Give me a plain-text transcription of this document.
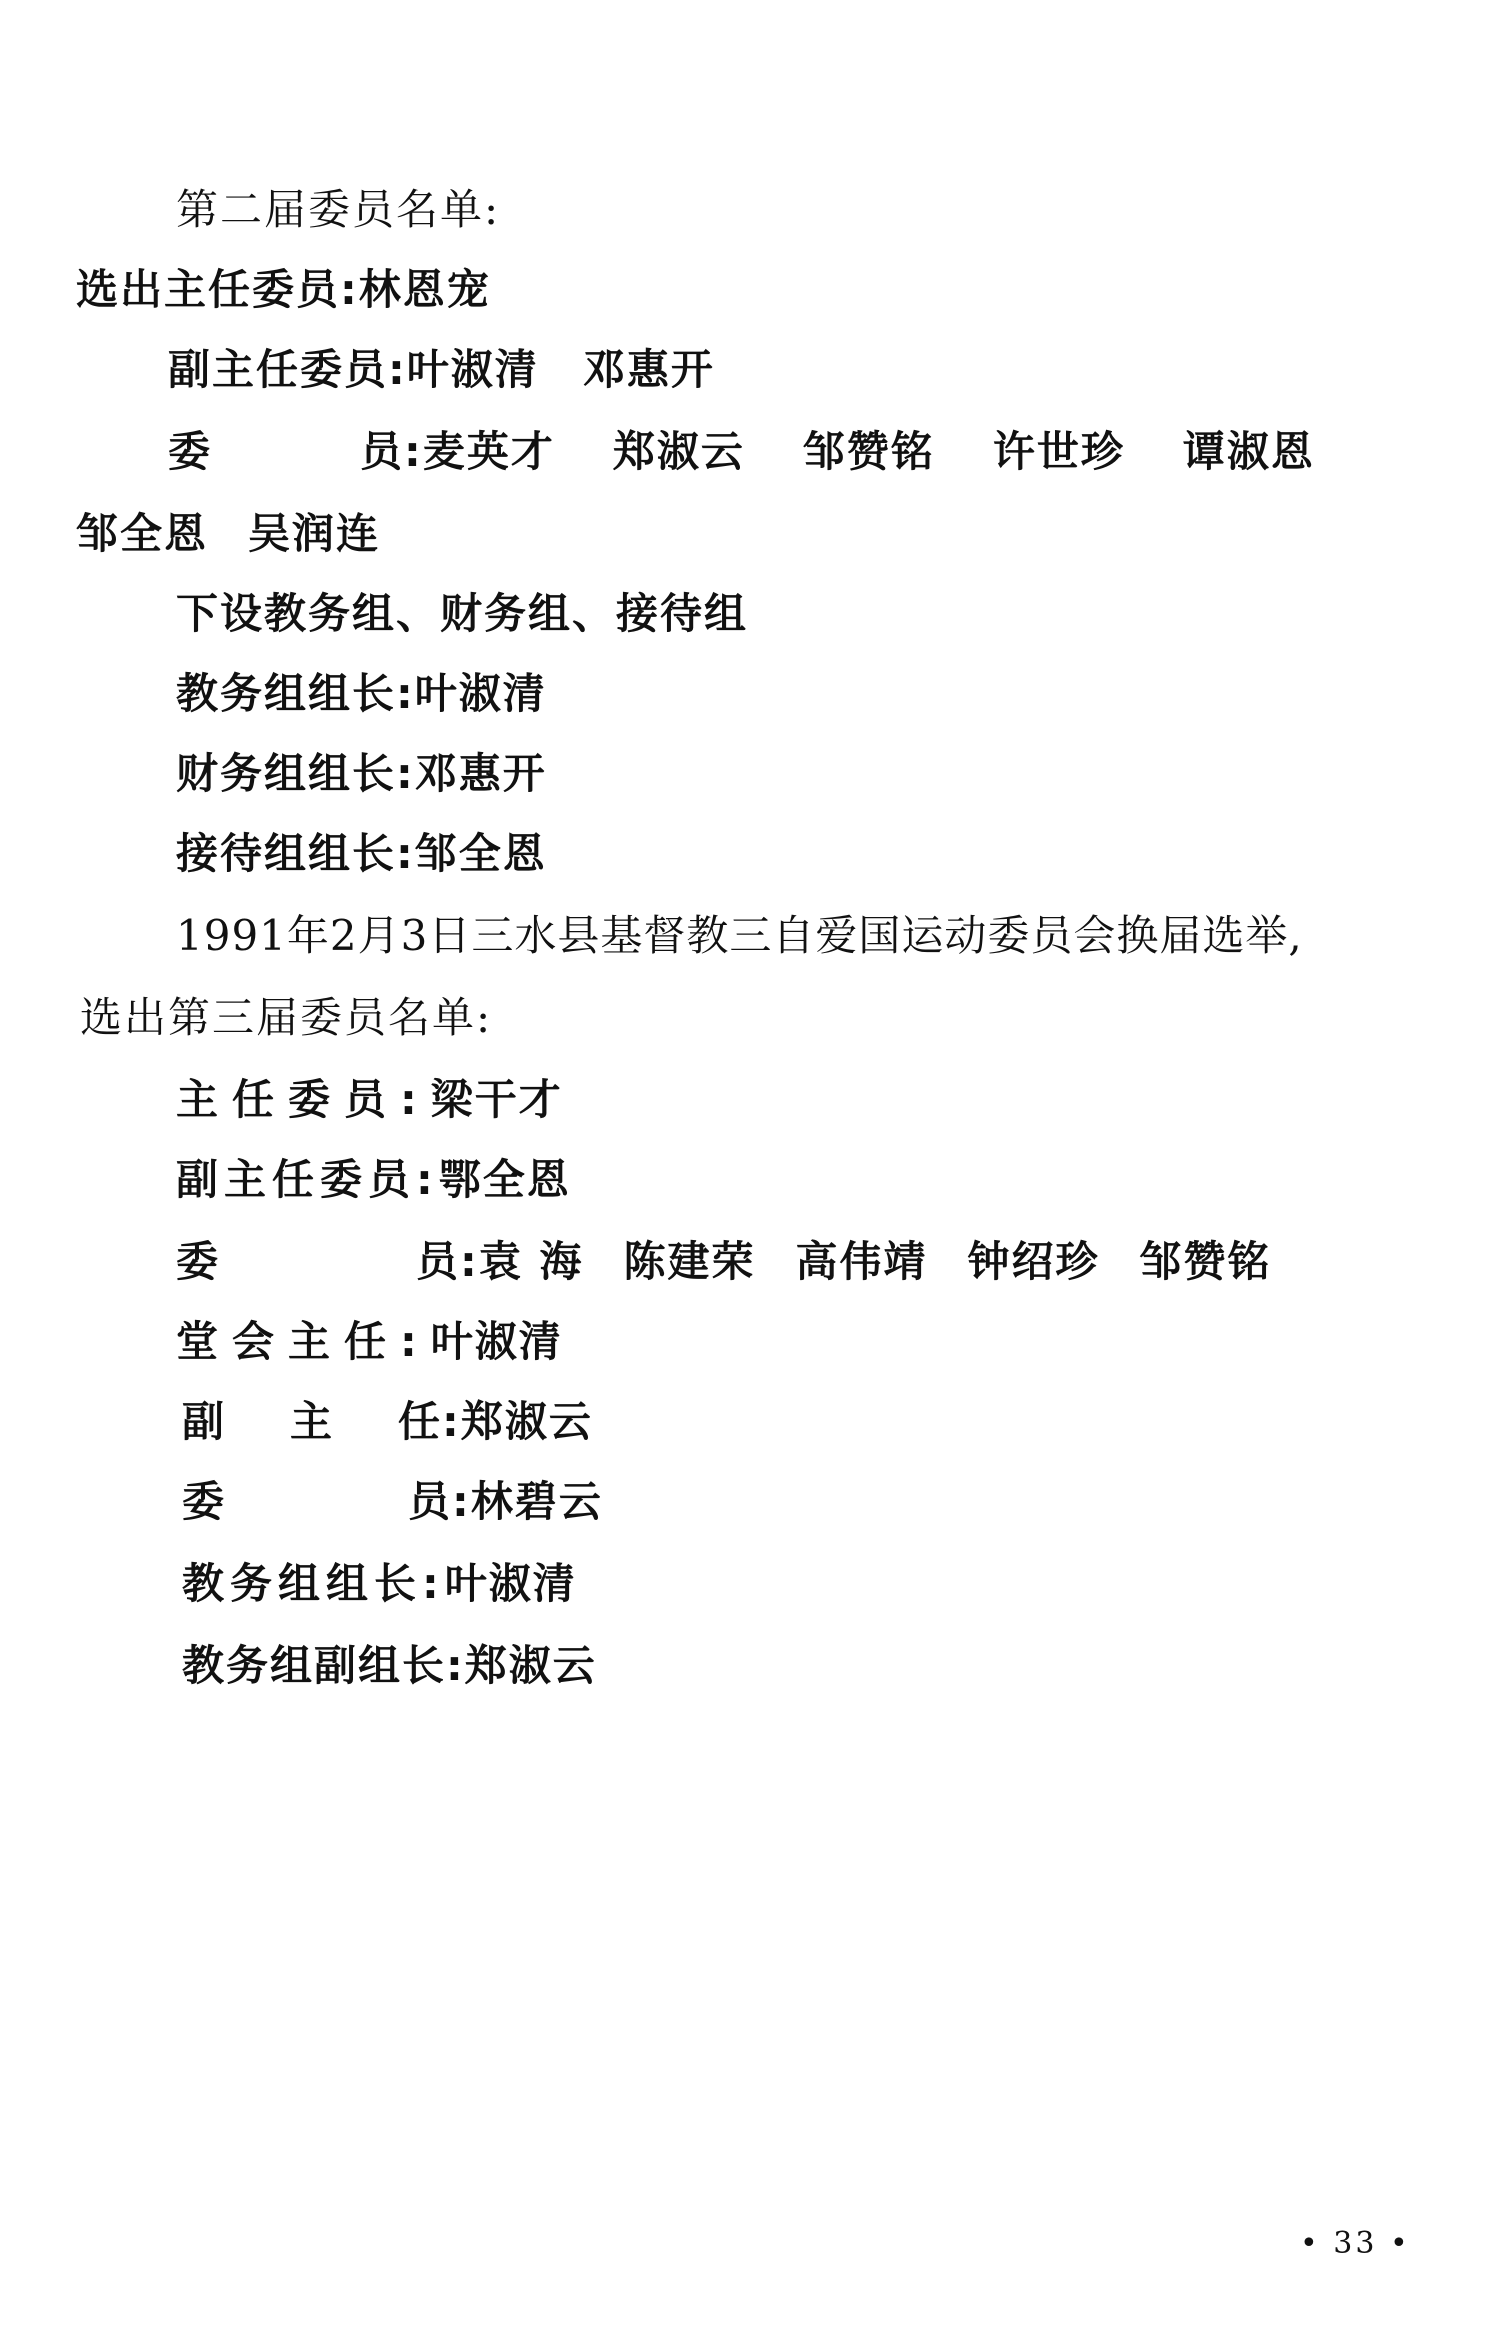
第二届委员名单:
选出主任委员:林恩宠
副主任委员:叶淑清 邓惠开
委	员:麦英才 郑淑云 邹赞铭 许世珍 谭淑恩
邹全恩 吴润连
下设教务组、财务组、接待组
教务组组长:叶淑清
财务组组长:邓惠开
接待组组长:邹全恩
1991年2月3日三水县基督教三自爱国运动委员会换届选举,
选出第三届委员名单:
主任委员:梁干才
副主任委员:鄂全恩
委	员:袁 海 陈建荣 高伟靖 钟绍珍 邹赞铭
堂会主任:叶淑清
副 主 任:郑淑云
委	员:林碧云
教务组组长:叶淑清
教务组副组长:郑淑云
• 33 •
